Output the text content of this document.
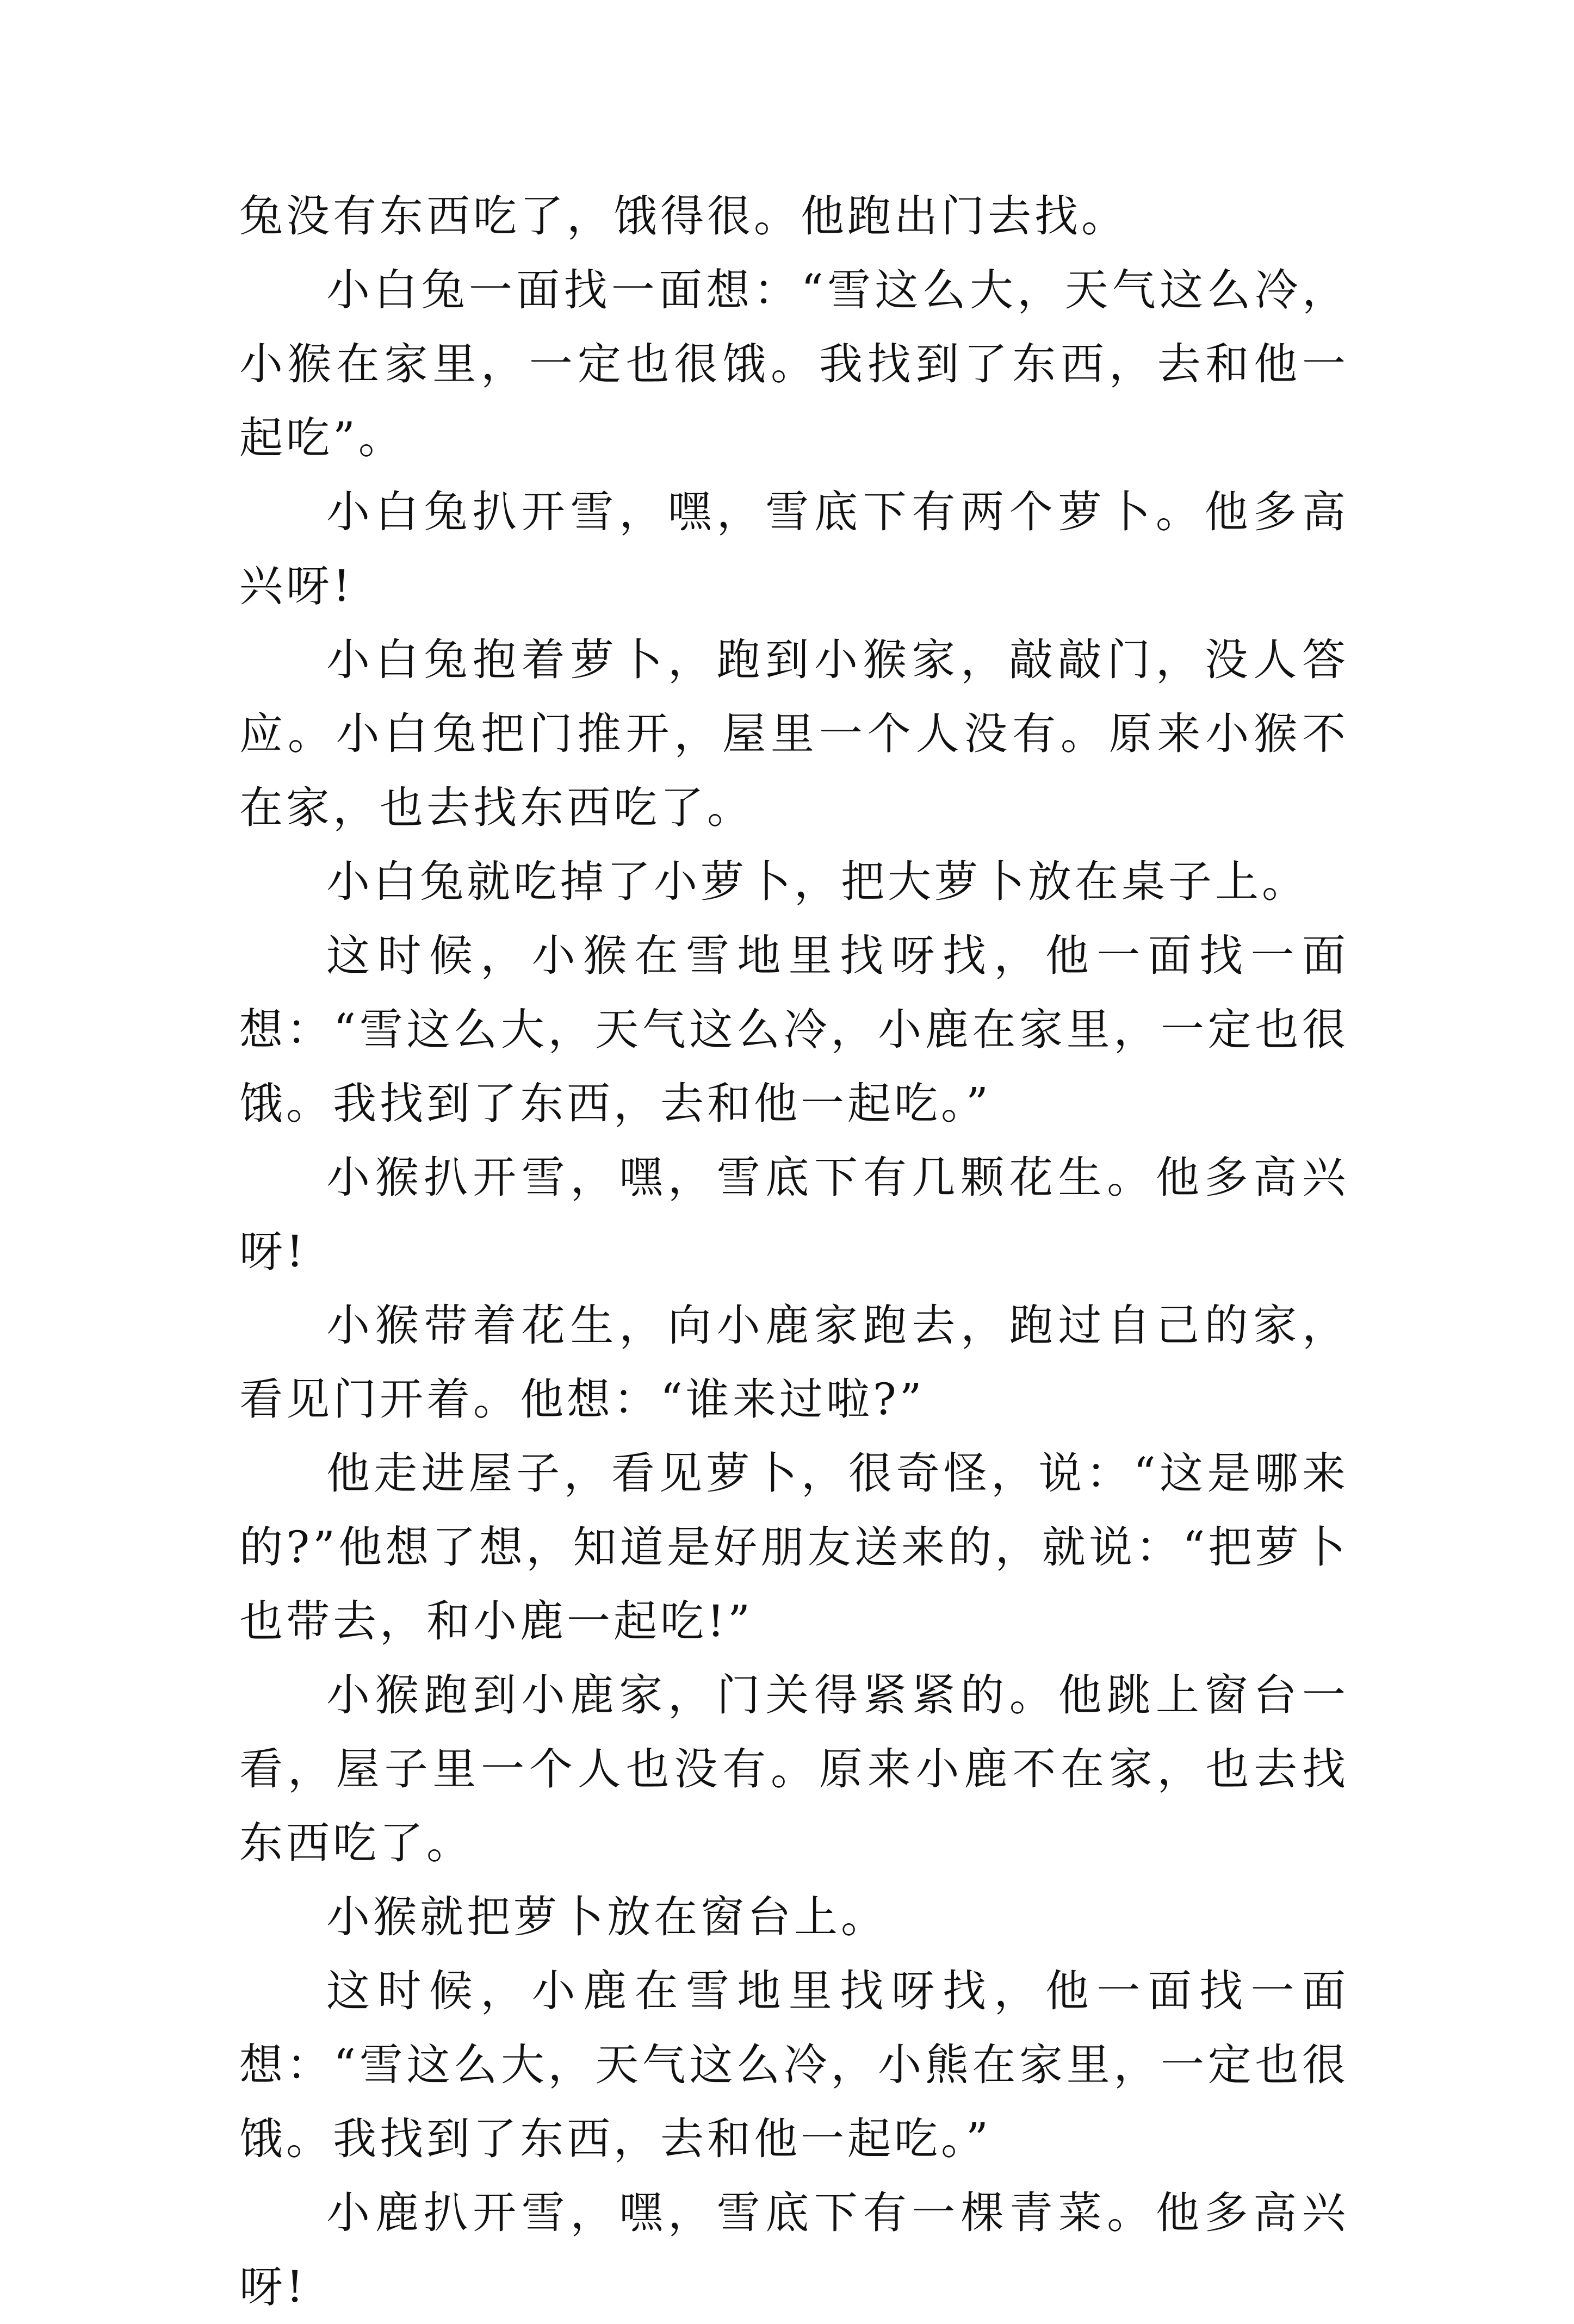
兔没有东西吃了，饿得很。他跑出门去找。

小白兔一面找一面想：“雪这么大，天气这么冷，小猴在家里，一定也很饿。我找到了东西，去和他一起吃”。

小白兔扒开雪，嘿，雪底下有两个萝卜。他多高兴呀!

小白兔抱着萝卜，跑到小猴家，敲敲门，没人答应。小白兔把门推开，屋里一个人没有。原来小猴不在家，也去找东西吃了。

小白兔就吃掉了小萝卜，把大萝卜放在桌子上。

这时候，小猴在雪地里找呀找，他一面找一面想：“雪这么大，天气这么冷，小鹿在家里，一定也很饿。我找到了东西，去和他一起吃。”

小猴扒开雪，嘿，雪底下有几颗花生。他多高兴呀!

小猴带着花生，向小鹿家跑去，跑过自己的家，看见门开着。他想：“谁来过啦?”

他走进屋子，看见萝卜，很奇怪，说：“这是哪来的?”他想了想，知道是好朋友送来的，就说：“把萝卜也带去，和小鹿一起吃!”

小猴跑到小鹿家，门关得紧紧的。他跳上窗台一看，屋子里一个人也没有。原来小鹿不在家，也去找东西吃了。

小猴就把萝卜放在窗台上。

这时候，小鹿在雪地里找呀找，他一面找一面想：“雪这么大，天气这么冷，小熊在家里，一定也很饿。我找到了东西，去和他一起吃。”

小鹿扒开雪，嘿，雪底下有一棵青菜。他多高兴呀!
